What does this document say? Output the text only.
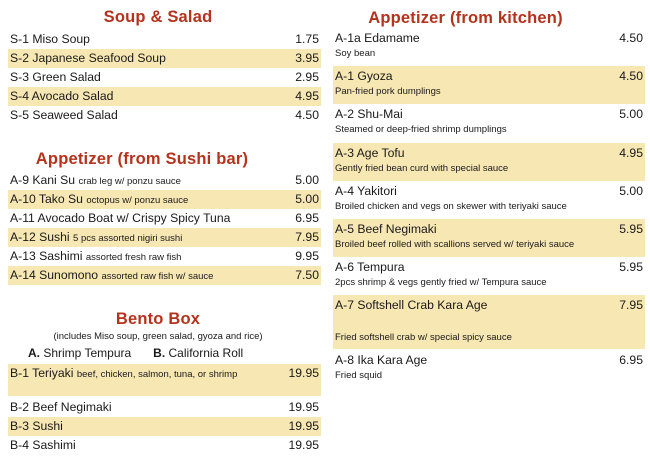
Soup & Salad
S-1 Miso Soup	1.75
S-2 Japanese Seafood Soup	3.95
S-3 Green Salad	2.95
S-4 Avocado Salad	4.95
S-5 Seaweed Salad	4.50
Appetizer (from Sushi bar)
A-9 Kani Su crab leg w/ ponzu sauce	5.00
A-10 Tako Su octopus w/ ponzu sauce	5.00
A-11 Avocado Boat w/ Crispy Spicy Tuna	6.95
A-12 Sushi 5 pcs assorted nigiri sushi	7.95
A-13 Sashimi assorted fresh raw fish	9.95
A-14 Sunomono assorted raw fish w/ sauce	7.50
Bento Box
(includes Miso soup, green salad, gyoza and rice)
A. Shrimp Tempura B. California Roll
B-1 Teriyaki beef, chicken, salmon, tuna, or shrimp	19.95
B-2 Beef Negimaki	19.95
B-3 Sushi	19.95
B-4 Sashimi	19.95
Appetizer (from kitchen)
A-1a Edamame
Soy bean
4.50
A-1 Gyoza
Pan-fried pork dumplings
4.50
A-2 Shu-Mai
Steamed or deep-fried shrimp dumplings
5.00
A-3 Age Tofu
Gently fried bean curd with special sauce
4.95
A-4 Yakitori
Broiled chicken and vegs on skewer with teriyaki sauce
5.00
A-5 Beef Negimaki
Broiled beef rolled with scallions served w/ teriyaki sauce
5.95
A-6 Tempura
2pcs shrimp & vegs gently fried w/ Tempura sauce
5.95
A-7 Softshell Crab Kara Age
Fried softshell crab w/ special spicy sauce
7.95
A-8 Ika Kara Age
Fried squid
6.95
